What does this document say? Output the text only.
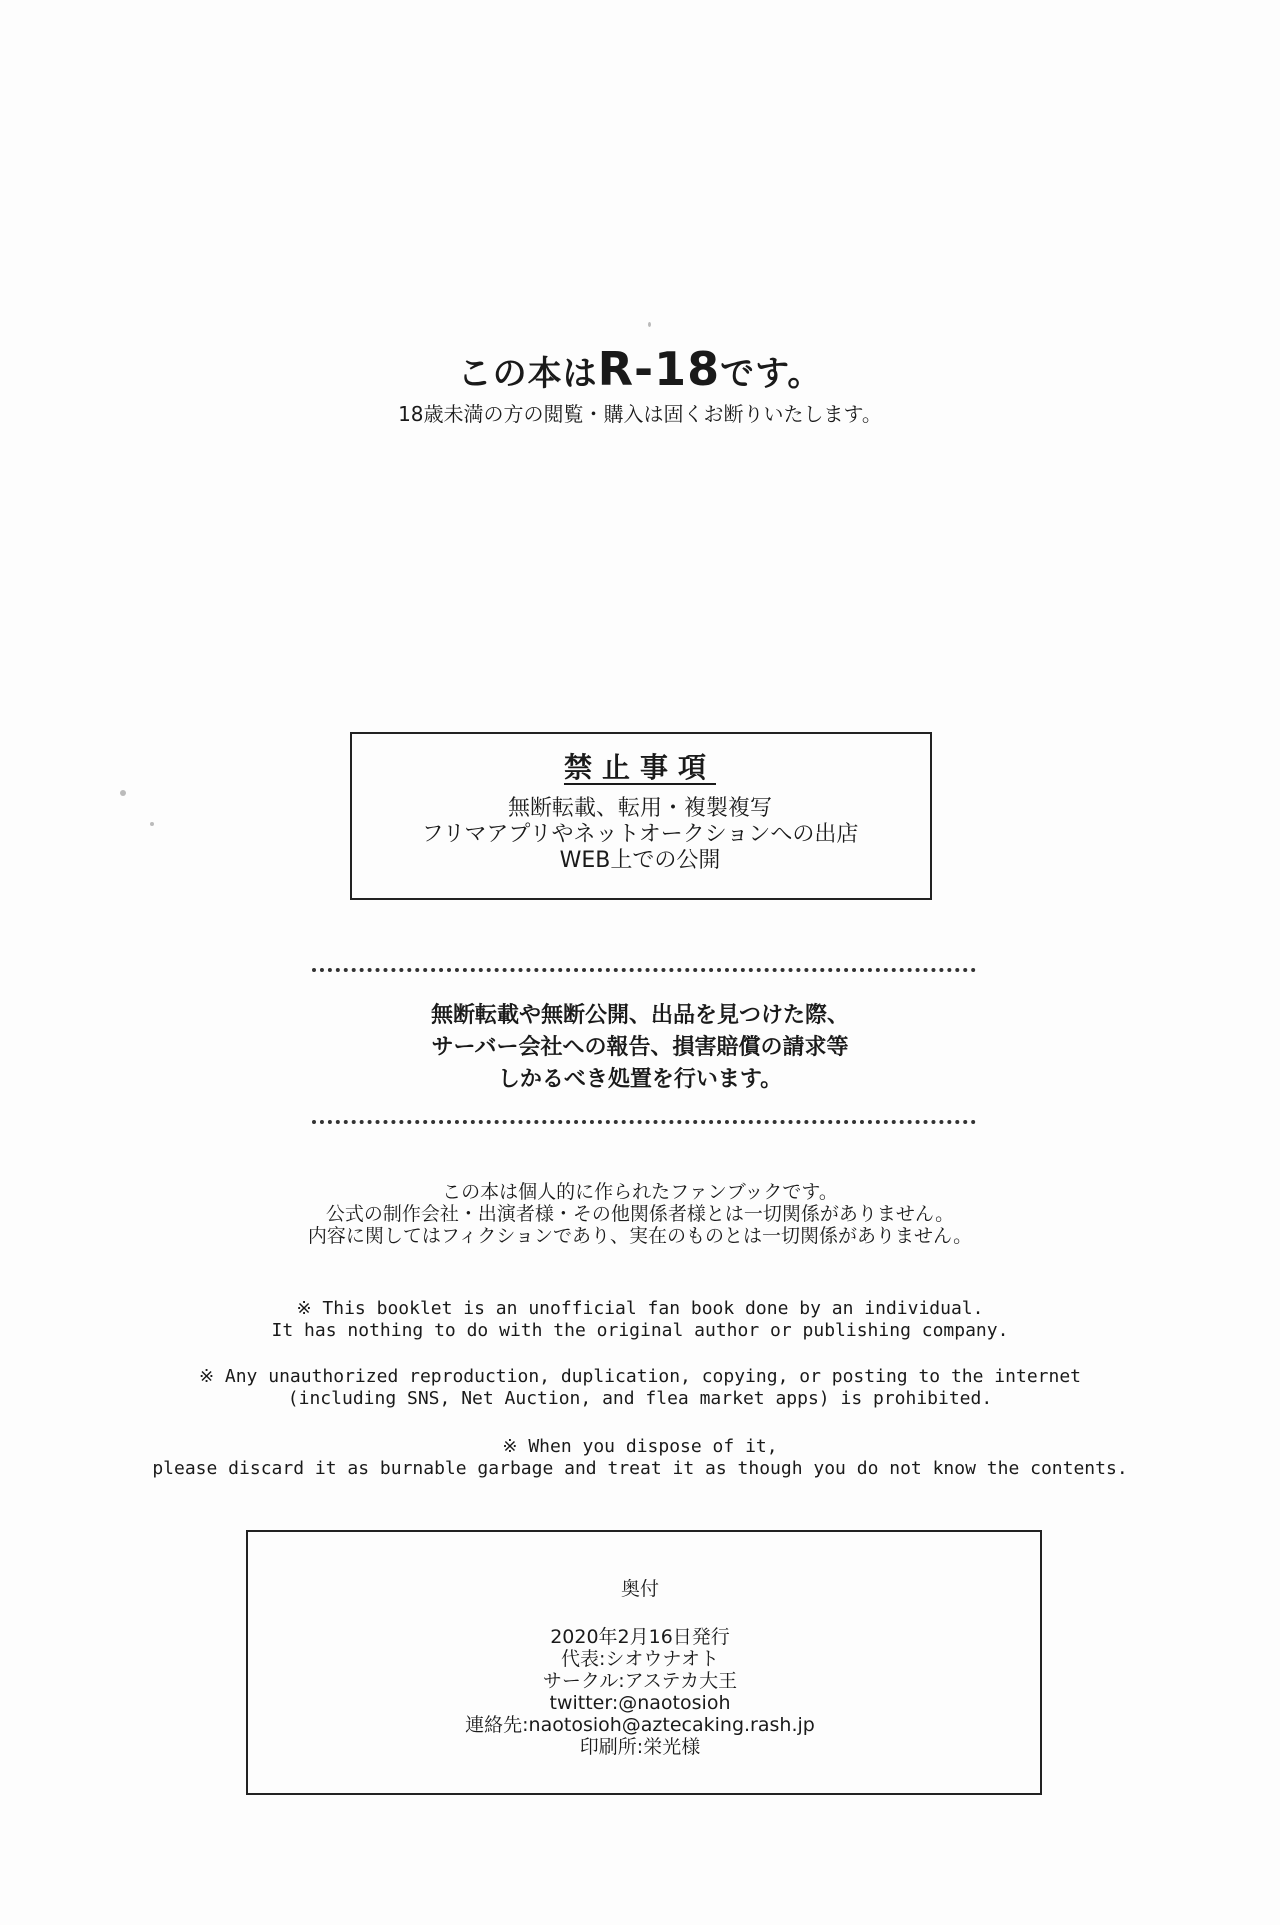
この本はR-18です。
18歳未満の方の閲覧・購入は固くお断りいたします。
禁止事項
無断転載、転用・複製複写
フリマアプリやネットオークションへの出店
WEB上での公開
無断転載や無断公開、出品を見つけた際、
サーバー会社への報告、損害賠償の請求等
しかるべき処置を行います。
この本は個人的に作られたファンブックです。
公式の制作会社・出演者様・その他関係者様とは一切関係がありません。
内容に関してはフィクションであり、実在のものとは一切関係がありません。
※ This booklet is an unofficial fan book done by an individual.
It has nothing to do with the original author or publishing company.
※ Any unauthorized reproduction, duplication, copying, or posting to the internet
(including SNS, Net Auction, and flea market apps) is prohibited.
※ When you dispose of it,
please discard it as burnable garbage and treat it as though you do not know the contents.
奥付
2020年2月16日発行
代表:シオウナオト
サークル:アステカ大王
twitter:@naotosioh
連絡先:naotosioh@aztecaking.rash.jp
印刷所:栄光様
